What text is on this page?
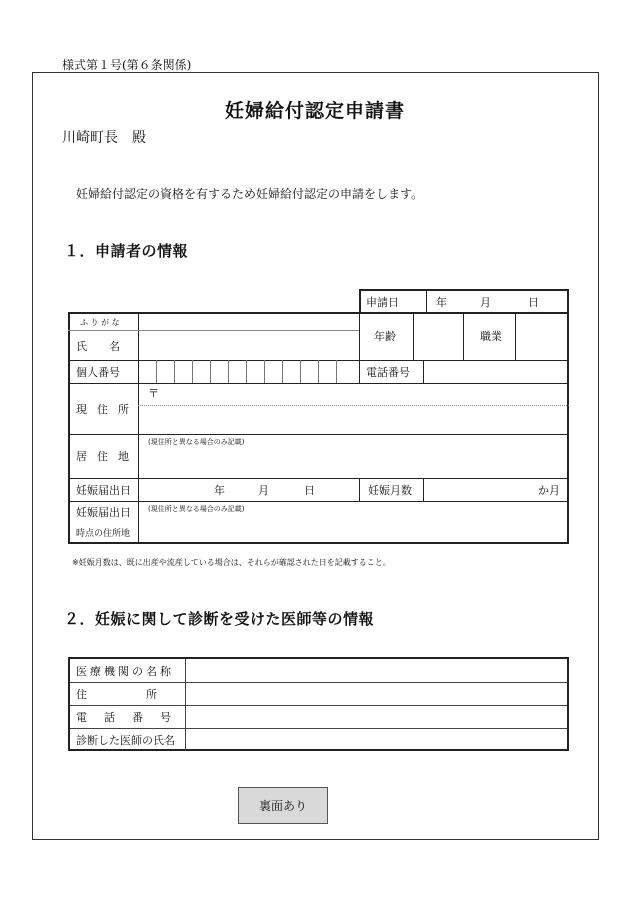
様式第１号(第６条関係)
妊婦給付認定申請書
川崎町長　殿
妊婦給付認定の資格を有するため妊婦給付認定の申請をします。
１．申請者の情報
申請日	年	月	日
ふ り が な
氏　　名
年齢	職業
個人番号	電話番号
現住所
〒
居住地
(現住所と異なる場合のみ記載)
妊娠届出日	年	月	日	妊娠月数	か月
妊娠届出日
時点の住所地
(現住所と異なる場合のみ記載)
※妊娠月数は、既に出産や流産している場合は、それらが確認された日を記載すること。
２．妊娠に関して診断を受けた医師等の情報
医療機関の名称
住　　　　所
電　話　番　号
診断した医師の氏名
裏面あり
